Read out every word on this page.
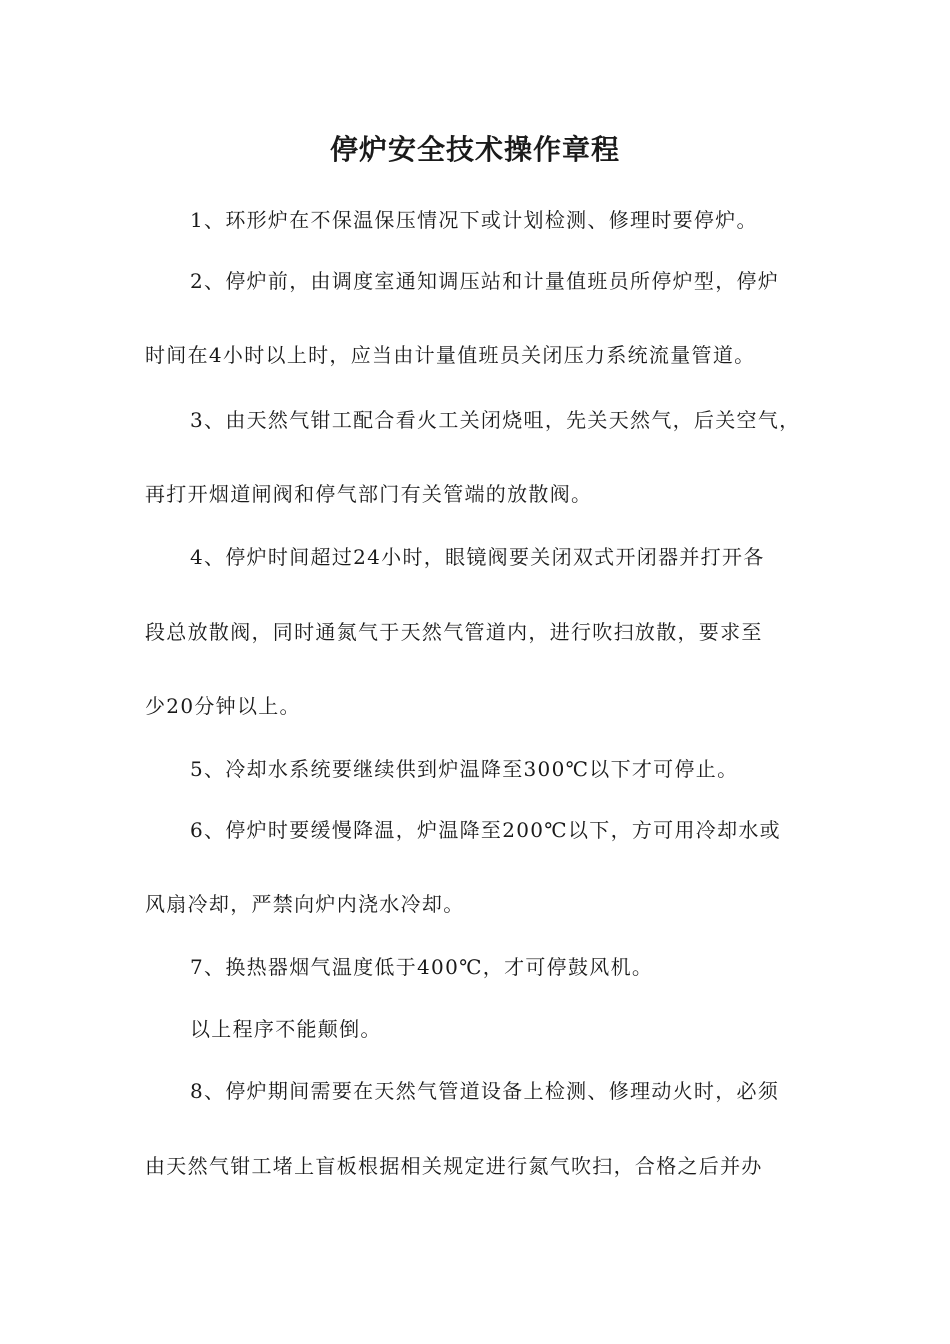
停炉安全技术操作章程
1、环形炉在不保温保压情况下或计划检测、修理时要停炉。
2、停炉前，由调度室通知调压站和计量值班员所停炉型，停炉
时间在4小时以上时，应当由计量值班员关闭压力系统流量管道。
3、由天然气钳工配合看火工关闭烧咀，先关天然气，后关空气，
再打开烟道闸阀和停气部门有关管端的放散阀。
4、停炉时间超过24小时，眼镜阀要关闭双式开闭器并打开各
段总放散阀，同时通氮气于天然气管道内，进行吹扫放散，要求至
少20分钟以上。
5、冷却水系统要继续供到炉温降至300℃以下才可停止。
6、停炉时要缓慢降温，炉温降至200℃以下，方可用冷却水或
风扇冷却，严禁向炉内浇水冷却。
7、换热器烟气温度低于400℃，才可停鼓风机。
以上程序不能颠倒。
8、停炉期间需要在天然气管道设备上检测、修理动火时，必须
由天然气钳工堵上盲板根据相关规定进行氮气吹扫，合格之后并办
